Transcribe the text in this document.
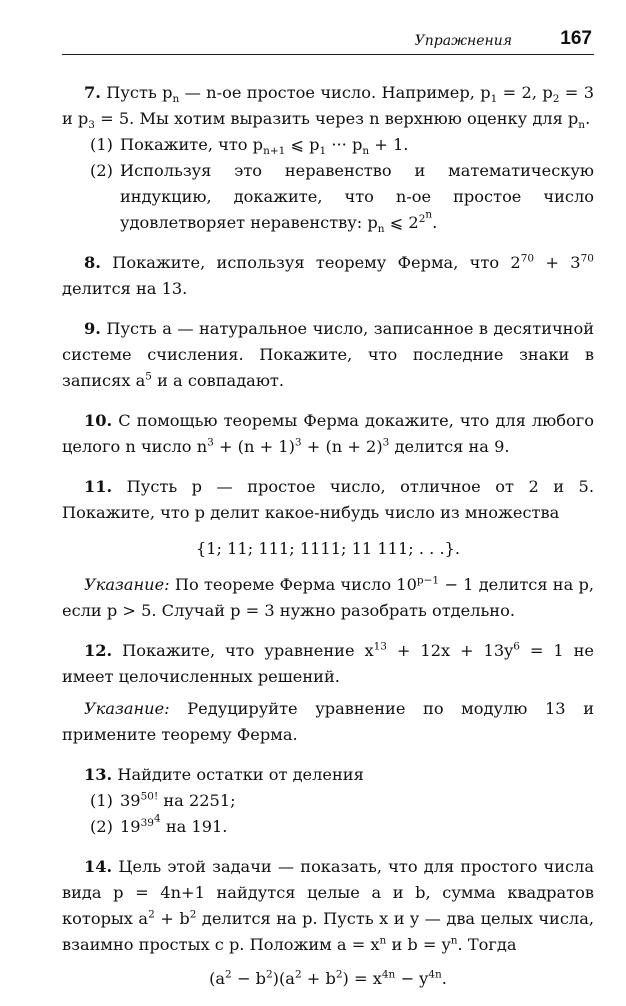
Упражнения	167

7. Пусть $p_n$ — n-ое простое число. Например, $p_1 = 2$, $p_2 = 3$ и $p_3 = 5$. Мы хотим выразить через n верхнюю оценку для $p_n$.

(1) Покажите, что $p_{n+1}$ ⩽ $p_1$ ··· $p_n + 1$.
(2) Используя это неравенство и математическую индукцию, докажите, что n-ое простое число удовлетворяет неравенству: $p_n$ ⩽ $2^{2^n}$.

8. Покажите, используя теорему Ферма, что $2^{70} + 3^{70}$ делится на 13.

9. Пусть a — натуральное число, записанное в десятичной системе счисления. Покажите, что последние знаки в записях $a^5$ и a совпадают.

10. С помощью теоремы Ферма докажите, что для любого целого n число $n^3 + (n + 1)^3 + (n + 2)^3$ делится на 9.

11. Пусть p — простое число, отличное от 2 и 5. Покажите, что p делит какое-нибудь число из множества

{1; 11; 111; 1111; 11 111; . . .}.

Указание: По теореме Ферма число $10^{p-1} - 1$ делится на p, если p > 5. Случай p = 3 нужно разобрать отдельно.

12. Покажите, что уравнение $x^{13} + 12x + 13y^6 = 1$ не имеет целочисленных решений.

Указание: Редуцируйте уравнение по модулю 13 и примените теорему Ферма.

13. Найдите остатки от деления

(1) $39^{50!}$ на 2251;
(2) $19^{39^4}$ на 191.

14. Цель этой задачи — показать, что для простого числа вида p = 4n+1 найдутся целые a и b, сумма квадратов которых $a^2 + b^2$ делится на p. Пусть x и y — два целых числа, взаимно простых с p. Положим $a = x^n$ и $b = y^n$. Тогда

$(a^2 - b^2)(a^2 + b^2) = x^{4n} - y^{4n}$.
